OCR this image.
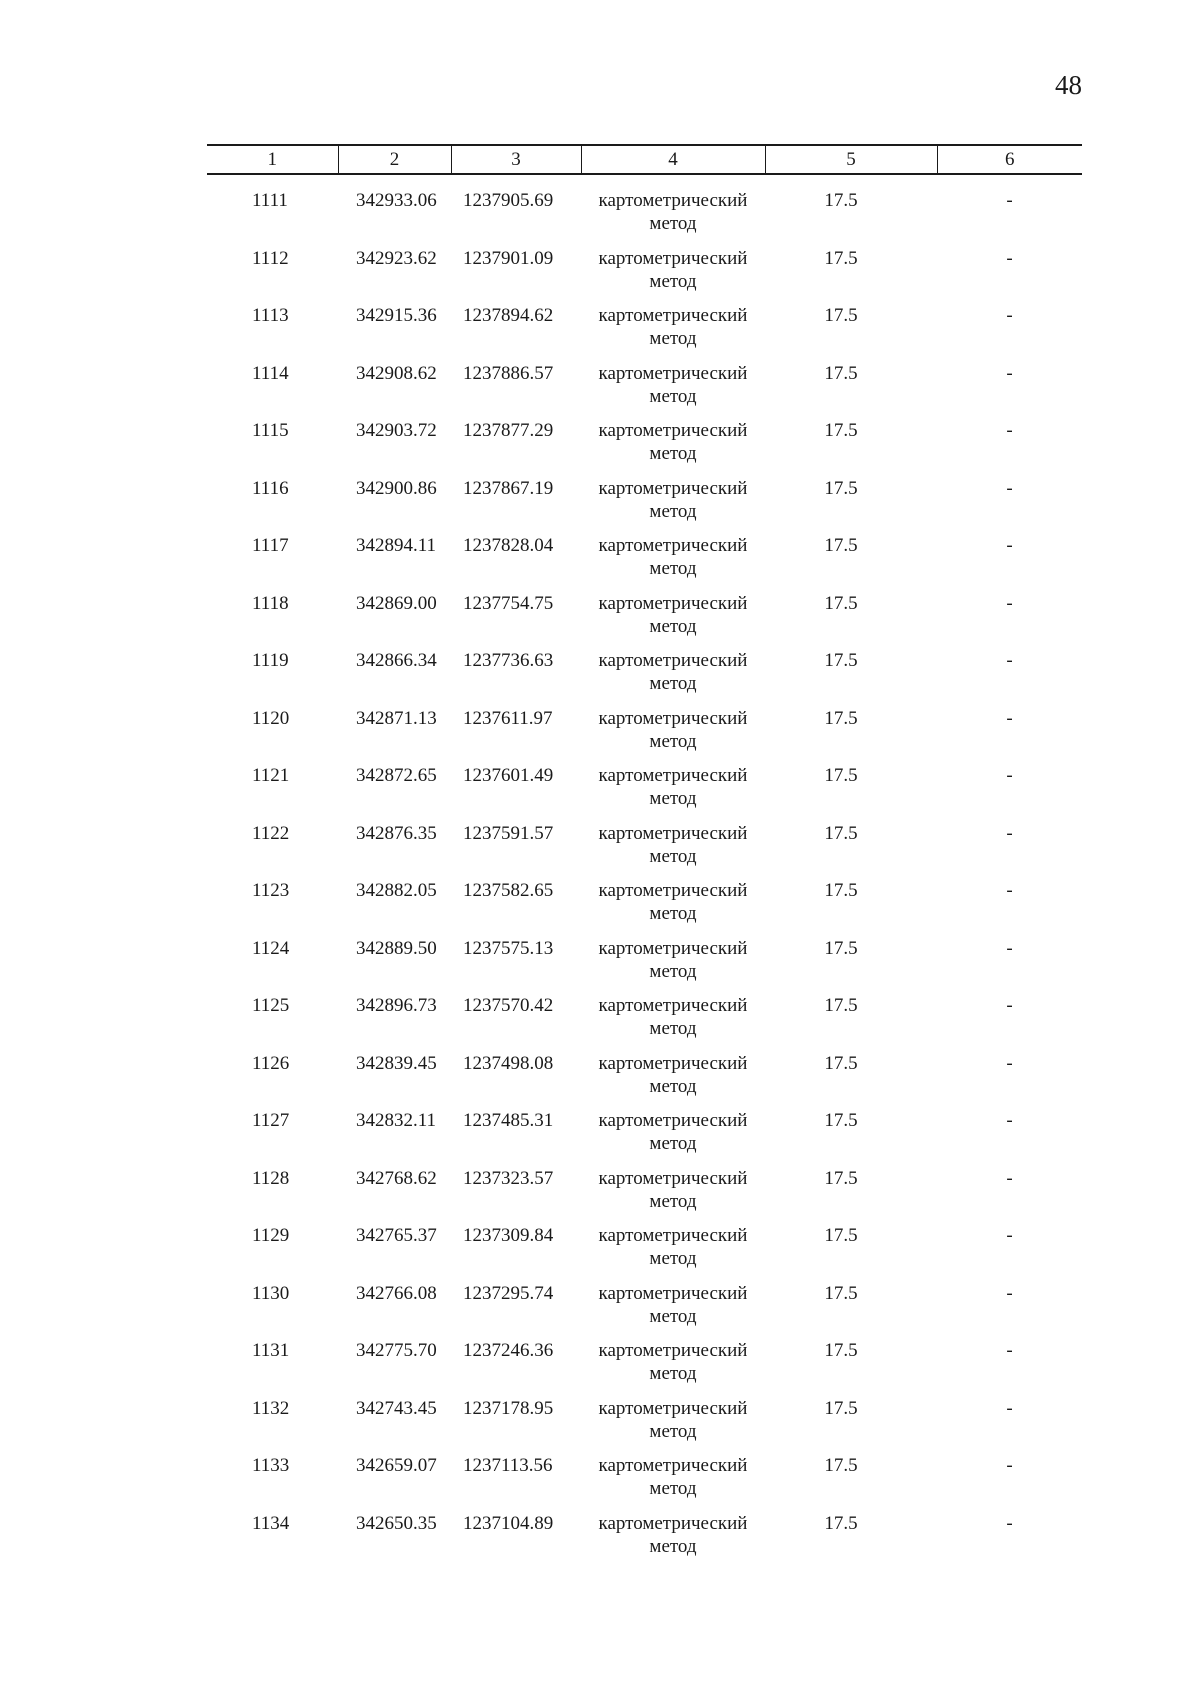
48
1	2	3	4	5	6

1111	342933.06	1237905.69	картометрический
метод	17.5	-
1112	342923.62	1237901.09	картометрический
метод	17.5	-
1113	342915.36	1237894.62	картометрический
метод	17.5	-
1114	342908.62	1237886.57	картометрический
метод	17.5	-
1115	342903.72	1237877.29	картометрический
метод	17.5	-
1116	342900.86	1237867.19	картометрический
метод	17.5	-
1117	342894.11	1237828.04	картометрический
метод	17.5	-
1118	342869.00	1237754.75	картометрический
метод	17.5	-
1119	342866.34	1237736.63	картометрический
метод	17.5	-
1120	342871.13	1237611.97	картометрический
метод	17.5	-
1121	342872.65	1237601.49	картометрический
метод	17.5	-
1122	342876.35	1237591.57	картометрический
метод	17.5	-
1123	342882.05	1237582.65	картометрический
метод	17.5	-
1124	342889.50	1237575.13	картометрический
метод	17.5	-
1125	342896.73	1237570.42	картометрический
метод	17.5	-
1126	342839.45	1237498.08	картометрический
метод	17.5	-
1127	342832.11	1237485.31	картометрический
метод	17.5	-
1128	342768.62	1237323.57	картометрический
метод	17.5	-
1129	342765.37	1237309.84	картометрический
метод	17.5	-
1130	342766.08	1237295.74	картометрический
метод	17.5	-
1131	342775.70	1237246.36	картометрический
метод	17.5	-
1132	342743.45	1237178.95	картометрический
метод	17.5	-
1133	342659.07	1237113.56	картометрический
метод	17.5	-
1134	342650.35	1237104.89	картометрический
метод	17.5	-
